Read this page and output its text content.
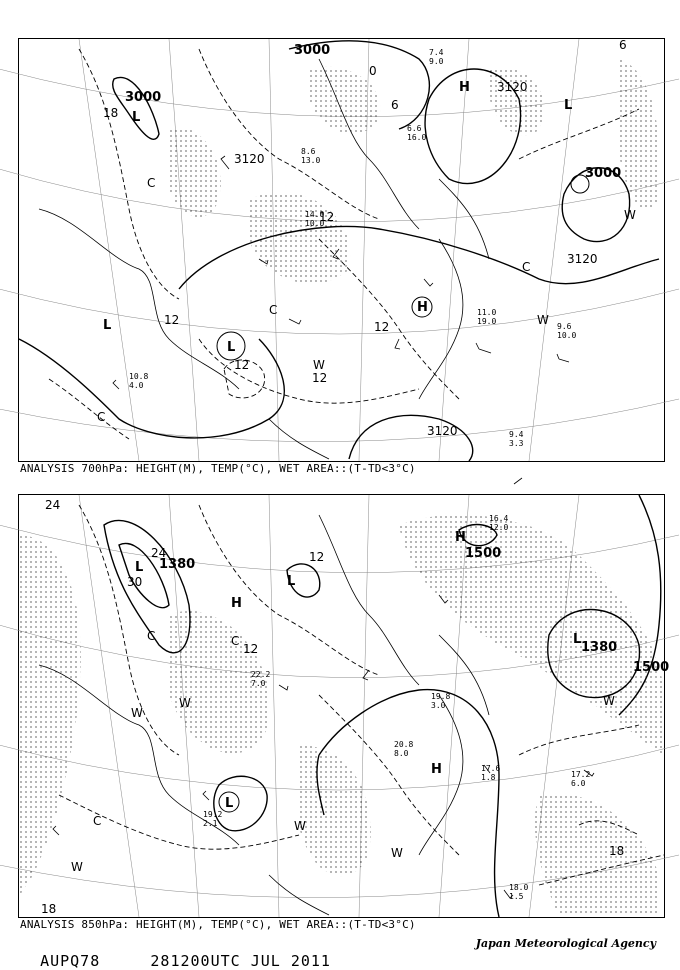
3000
3000
3000
3120
3120
3120
3120
0
6
12
12
12
12
18
12
6
L
L
L
L
H
H
C
C
C
W
W
W
C
11.0
19.0
9.6
10.0
9.4
3.3
10.8
4.0
8.6
13.0
14.0
10.0
6.6
16.0
7.4
9.0
ANALYSIS 700hPa: HEIGHT(M), TEMP(°C), WET AREA::(T-TD<3°C)
1380
1500
1380
1500
24
30
24	12
18
18
12
L
L
L
L
H
H
H
W
C
W
C	W
W
W
C
W
18.0
1.5
17.2
6.0
17.6
1.8
20.8
8.0
16.4
12.0
19.8
3.0
22.2
7.0
19.2
2.1
ANALYSIS 850hPa: HEIGHT(M), TEMP(°C), WET AREA::(T-TD<3°C)

AUPQ78	281200UTC JUL 2011

Japan Meteorological Agency
